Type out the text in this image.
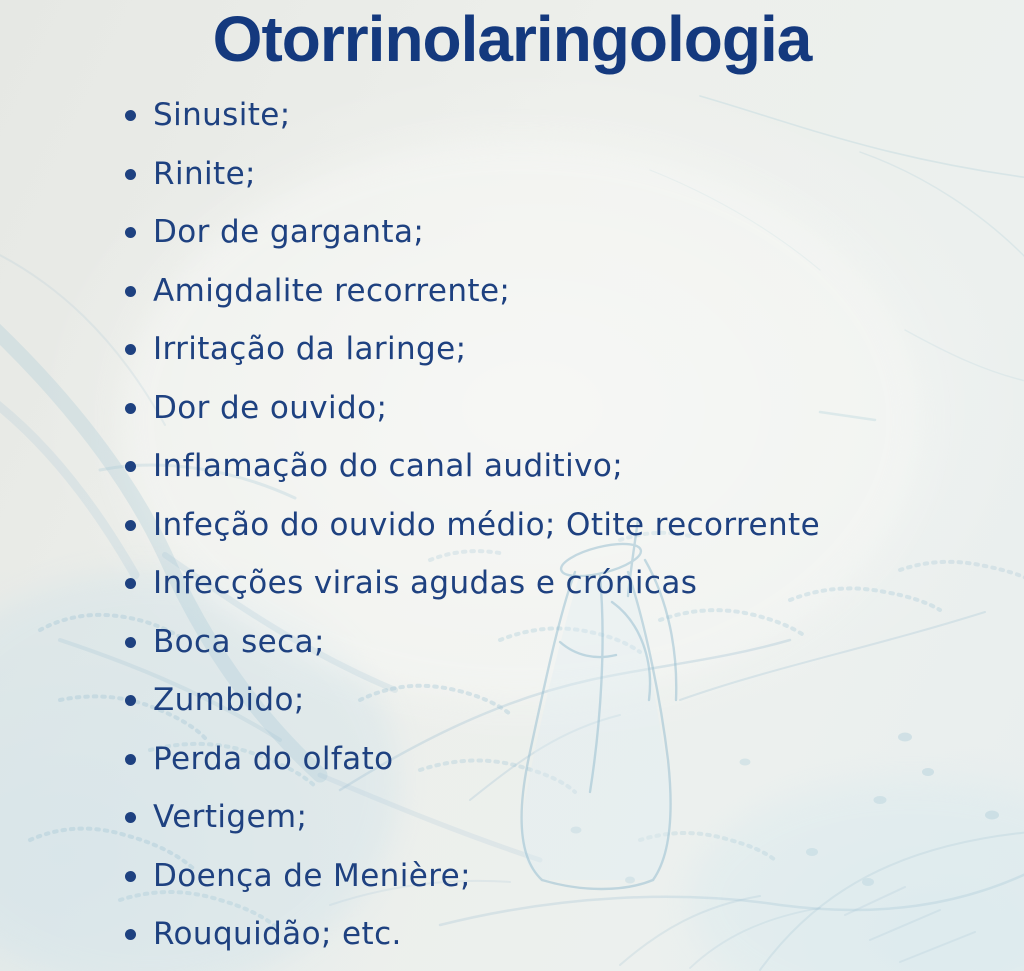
Otorrinolaringologia
Sinusite;
Rinite;
Dor de garganta;
Amigdalite recorrente;
Irritação da laringe;
Dor de ouvido;
Inflamação do canal auditivo;
Infeção do ouvido médio; Otite recorrente
Infecções virais agudas e crónicas
Boca seca;
Zumbido;
Perda do olfato
Vertigem;
Doença de Menière;
Rouquidão; etc.
